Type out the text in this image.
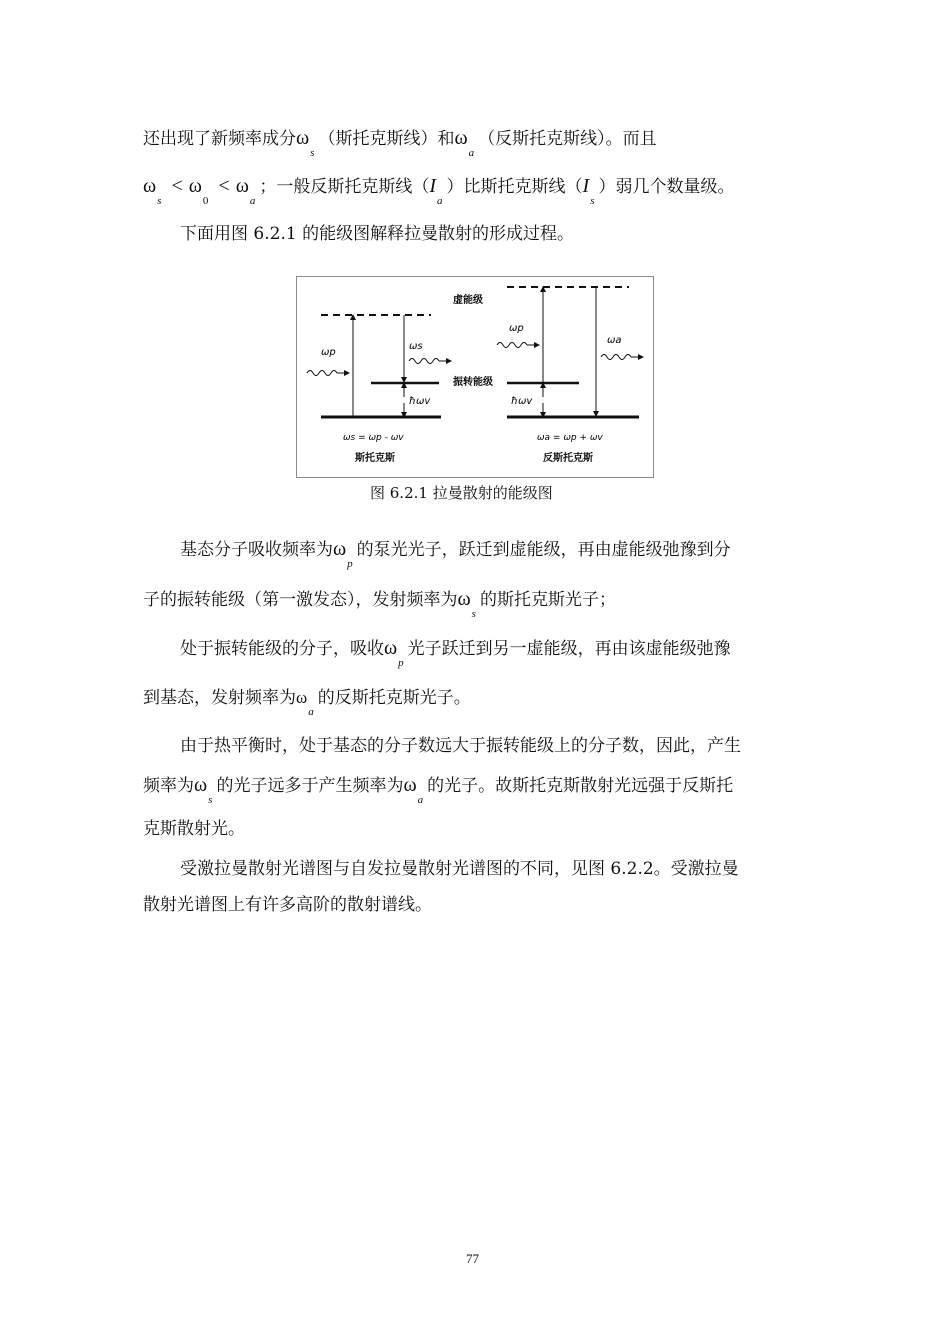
还出现了新频率成分$\omega_s$（斯托克斯线）和$\omega_a$（反斯托克斯线）。而且
$\omega_s< \omega_0< \omega_a$；一般反斯托克斯线$(I_a)$比斯托克斯线$(I_s)$弱几个数量级。
下面用图 6.2.1 的能级图解释拉曼散射的形成过程。
ωp
ωs
ħωv
ωs = ωp - ωv
斯托克斯
虚能级
振转能级
ωp
ωa
ħωv
ωa = ωp + ωv
反斯托克斯
图 6.2.1 拉曼散射的能级图
基态分子吸收频率为$\omega_p$的泵光光子，跃迁到虚能级，再由虚能级弛豫到分
子的振转能级（第一激发态），发射频率为$\omega_s$的斯托克斯光子；
处于振转能级的分子，吸收$\omega_p$光子跃迁到另一虚能级，再由该虚能级弛豫
到基态，发射频率为$\omega_a$的反斯托克斯光子。
由于热平衡时，处于基态的分子数远大于振转能级上的分子数，因此，产生
频率为$\omega_s$的光子远多于产生频率为$\omega_a$的光子。故斯托克斯散射光远强于反斯托
克斯散射光。
受激拉曼散射光谱图与自发拉曼散射光谱图的不同，见图 6.2.2。受激拉曼
散射光谱图上有许多高阶的散射谱线。
77
